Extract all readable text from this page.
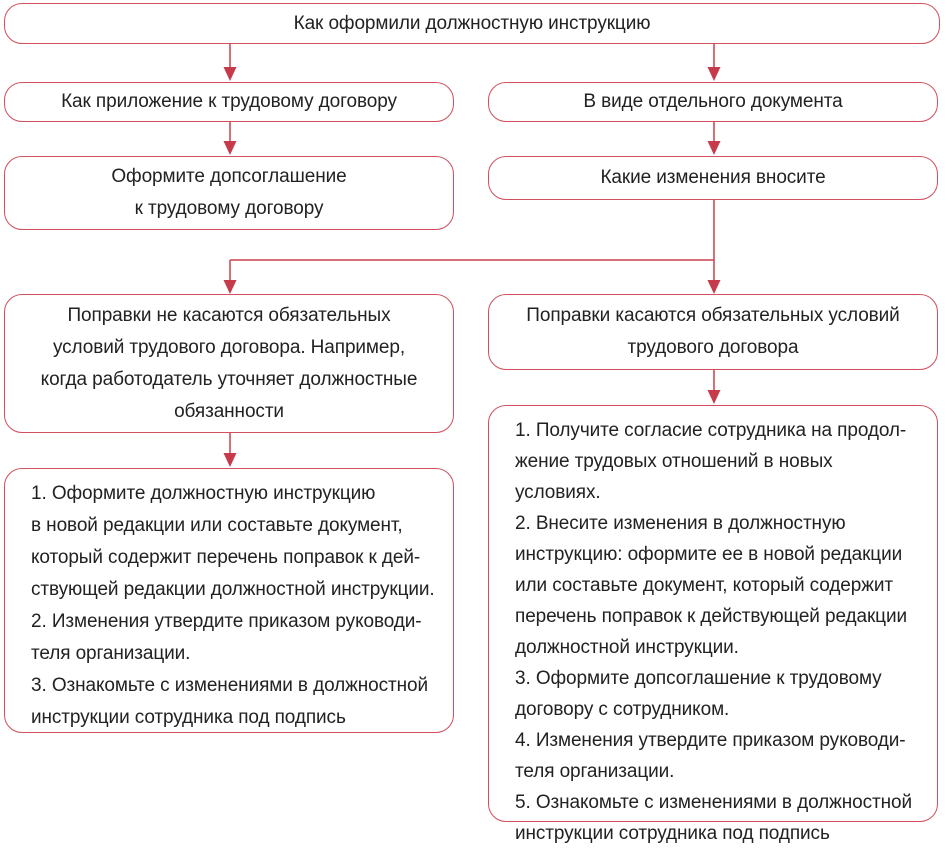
Как оформили должностную инструкцию
Как приложение к трудовому договору	В виде отдельного документа
Оформите допсоглашение
к трудовому договору
Какие изменения вносите
Поправки не касаются обязательных
условий трудового договора. Например,
когда работодатель уточняет должностные
обязанности
Поправки касаются обязательных условий
трудового договора
1. Оформите должностную инструкцию
в новой редакции или составьте документ,
который содержит перечень поправок к дей-
ствующей редакции должностной инструкции.
2. Изменения утвердите приказом руководи-
теля организации.
3. Ознакомьте с изменениями в должностной
инструкции сотрудника под подпись
1. Получите согласие сотрудника на продол-
жение трудовых отношений в новых условиях.
2. Внесите изменения в должностную
инструкцию: оформите ее в новой редакции
или составьте документ, который содержит
перечень поправок к действующей редакции
должностной инструкции.
3. Оформите допсоглашение к трудовому
договору с сотрудником.
4. Изменения утвердите приказом руководи-
теля организации.
5. Ознакомьте с изменениями в должностной
инструкции сотрудника под подпись
